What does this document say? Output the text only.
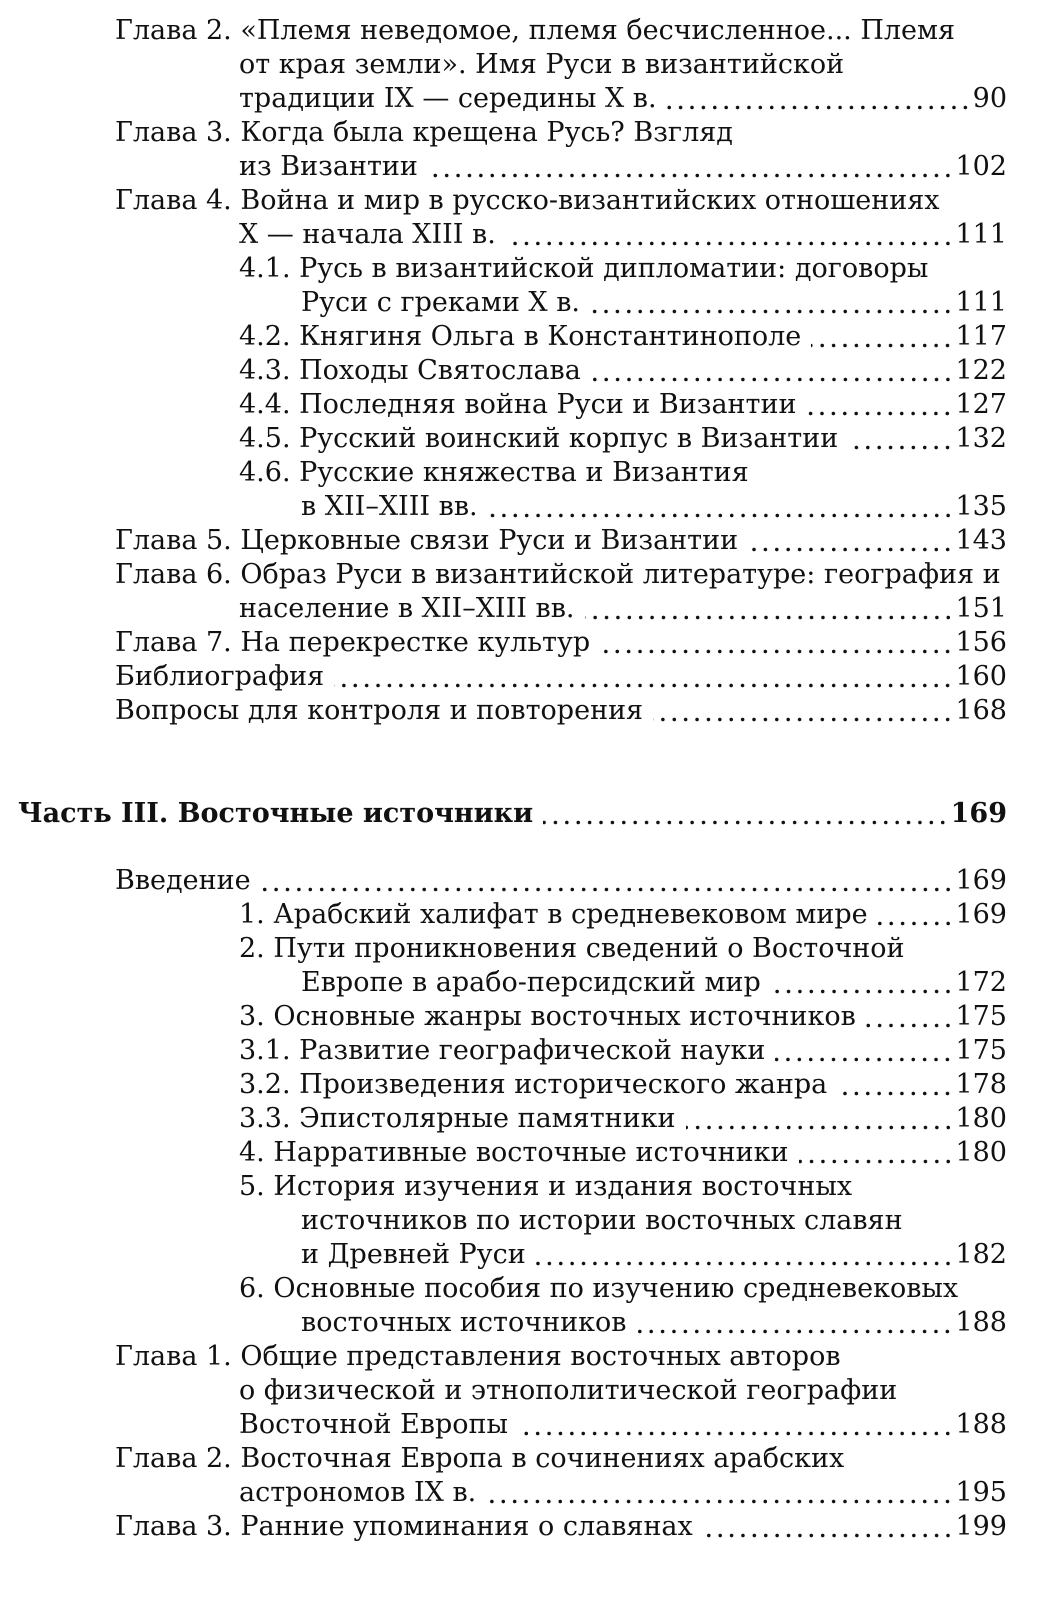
Глава 2. «Племя неведомое, племя бесчисленное... Племя
от края земли». Имя Руси в византийской
традиции IX — середины X в.	90
Глава 3. Когда была крещена Русь? Взгляд
из Византии	102
Глава 4. Война и мир в русско-византийских отношениях
X — начала XIII в.	111
4.1. Русь в византийской дипломатии: договоры
Руси с греками X в.	111
4.2. Княгиня Ольга в Константинополе	117
4.3. Походы Святослава	122
4.4. Последняя война Руси и Византии	127
4.5. Русский воинский корпус в Византии	132
4.6. Русские княжества и Византия
в XII–XIII вв.	135
Глава 5. Церковные связи Руси и Византии	143
Глава 6. Образ Руси в византийской литературе: география и
население в XII–XIII вв.	151
Глава 7. На перекрестке культур	156
Библиография	160
Вопросы для контроля и повторения	168
Часть III. Восточные источники	169
Введение	169
1. Арабский халифат в средневековом мире	169
2. Пути проникновения сведений о Восточной
Европе в арабо-персидский мир	172
3. Основные жанры восточных источников	175
3.1. Развитие географической науки	175
3.2. Произведения исторического жанра	178
3.3. Эпистолярные памятники	180
4. Нарративные восточные источники	180
5. История изучения и издания восточных
источников по истории восточных славян
и Древней Руси	182
6. Основные пособия по изучению средневековых
восточных источников	188
Глава 1. Общие представления восточных авторов
о физической и этнополитической географии
Восточной Европы	188
Глава 2. Восточная Европа в сочинениях арабских
астрономов IX в.	195
Глава 3. Ранние упоминания о славянах	199
